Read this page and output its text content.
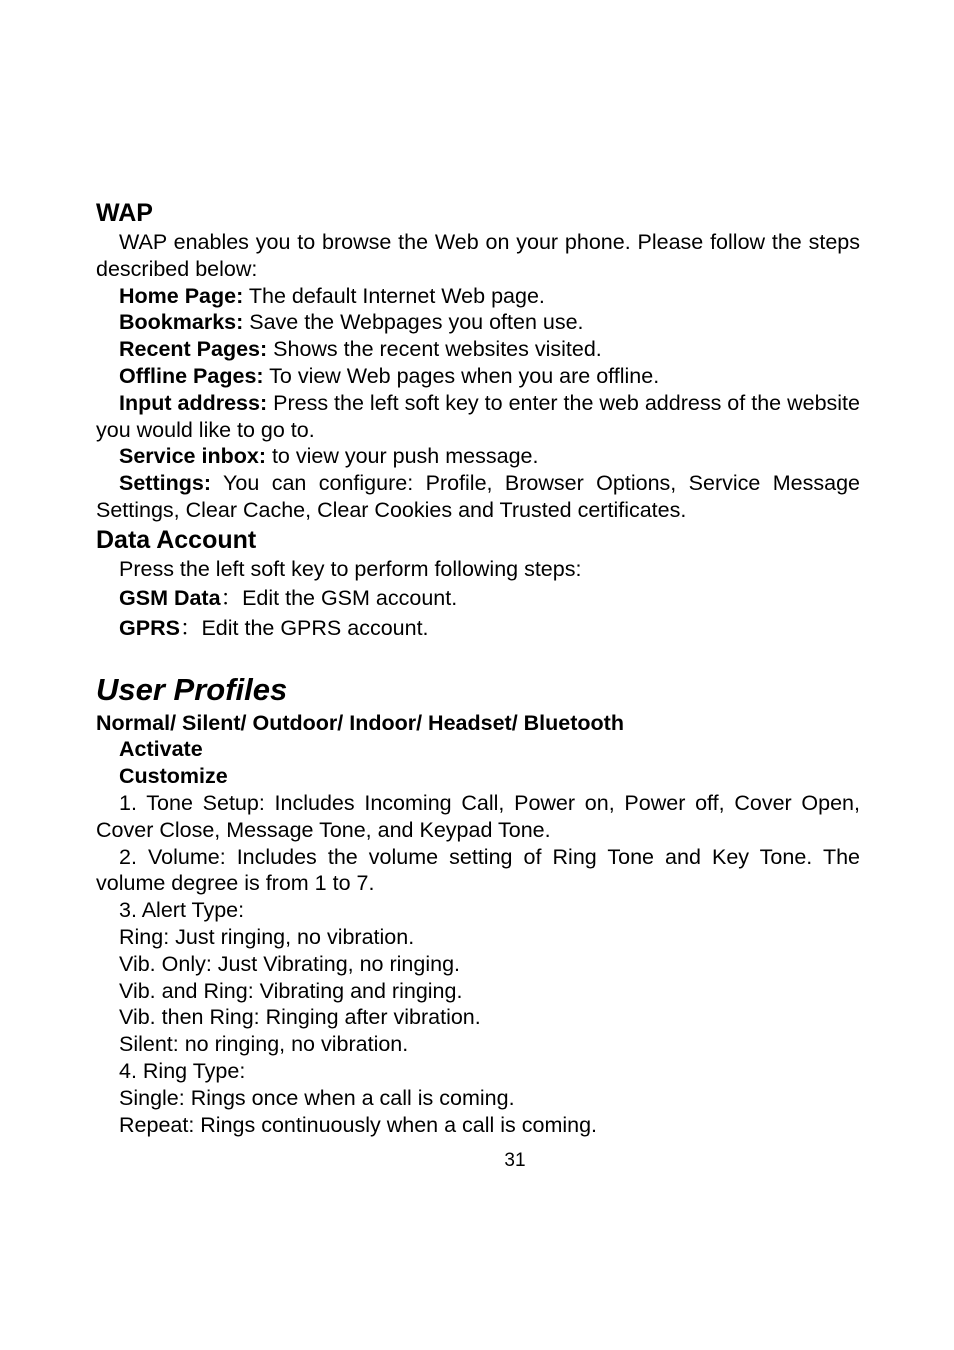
WAP

WAP enables you to browse the Web on your phone. Please follow the steps described below:

Home Page: The default Internet Web page.

Bookmarks: Save the Webpages you often use.

Recent Pages: Shows the recent websites visited.

Offline Pages: To view Web pages when you are offline.

Input address: Press the left soft key to enter the web address of the website you would like to go to.

Service inbox: to view your push message.

Settings: You can configure: Profile, Browser Options, Service Message Settings, Clear Cache, Clear Cookies and Trusted certificates.

Data Account

Press the left soft key to perform following steps:

GSM Data：Edit the GSM account.

GPRS：Edit the GPRS account.

User Profiles

Normal/ Silent/ Outdoor/ Indoor/ Headset/ Bluetooth

Activate

Customize

1. Tone Setup: Includes Incoming Call, Power on, Power off, Cover Open, Cover Close, Message Tone, and Keypad Tone.

2. Volume: Includes the volume setting of Ring Tone and Key Tone. The volume degree is from 1 to 7.

3. Alert Type:

Ring: Just ringing, no vibration.

Vib. Only: Just Vibrating, no ringing.

Vib. and Ring: Vibrating and ringing.

Vib. then Ring: Ringing after vibration.

Silent: no ringing, no vibration.

4. Ring Type:

Single: Rings once when a call is coming.

Repeat: Rings continuously when a call is coming.

31
